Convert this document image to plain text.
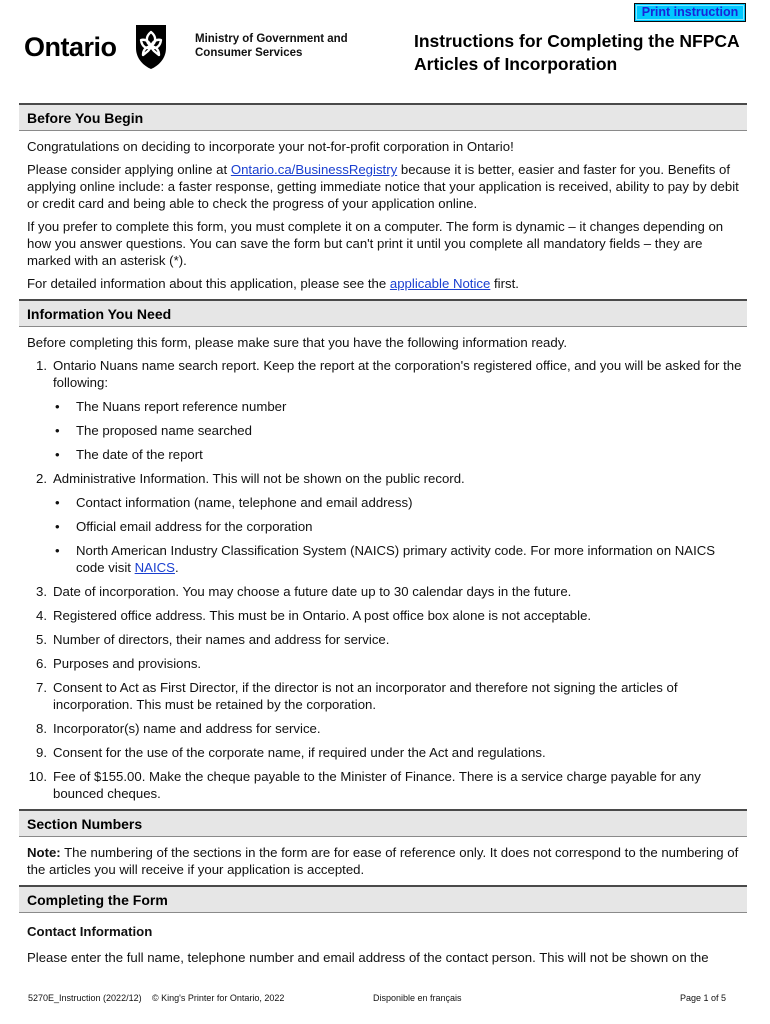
Print instruction
Ontario	Ministry of Government and Consumer Services
Instructions for Completing the NFPCA Articles of Incorporation
Before You Begin

Congratulations on deciding to incorporate your not-for-profit corporation in Ontario!

Please consider applying online at Ontario.ca/BusinessRegistry because it is better, easier and faster for you. Benefits of applying online include: a faster response, getting immediate notice that your application is received, ability to pay by debit or credit card and being able to check the progress of your application online.

If you prefer to complete this form, you must complete it on a computer. The form is dynamic – it changes depending on how you answer questions. You can save the form but can't print it until you complete all mandatory fields – they are marked with an asterisk (*).

For detailed information about this application, please see the applicable Notice first.

Information You Need

Before completing this form, please make sure that you have the following information ready.

1. Ontario Nuans name search report. Keep the report at the corporation's registered office, and you will be asked for the following:
• The Nuans report reference number
• The proposed name searched
• The date of the report
2. Administrative Information. This will not be shown on the public record.
• Contact information (name, telephone and email address)
• Official email address for the corporation
• North American Industry Classification System (NAICS) primary activity code. For more information on NAICS code visit NAICS.
3. Date of incorporation. You may choose a future date up to 30 calendar days in the future.
4. Registered office address. This must be in Ontario. A post office box alone is not acceptable.
5. Number of directors, their names and address for service.
6. Purposes and provisions.
7. Consent to Act as First Director, if the director is not an incorporator and therefore not signing the articles of incorporation. This must be retained by the corporation.
8. Incorporator(s) name and address for service.
9. Consent for the use of the corporate name, if required under the Act and regulations.
10. Fee of $155.00. Make the cheque payable to the Minister of Finance. There is a service charge payable for any bounced cheques.
Section Numbers

Note: The numbering of the sections in the form are for ease of reference only. It does not correspond to the numbering of the articles you will receive if your application is accepted.

Completing the Form

Contact Information

Please enter the full name, telephone number and email address of the contact person. This will not be shown on the

5270E_Instruction (2022/12) © King's Printer for Ontario, 2022	Disponible en français	Page 1 of 5
